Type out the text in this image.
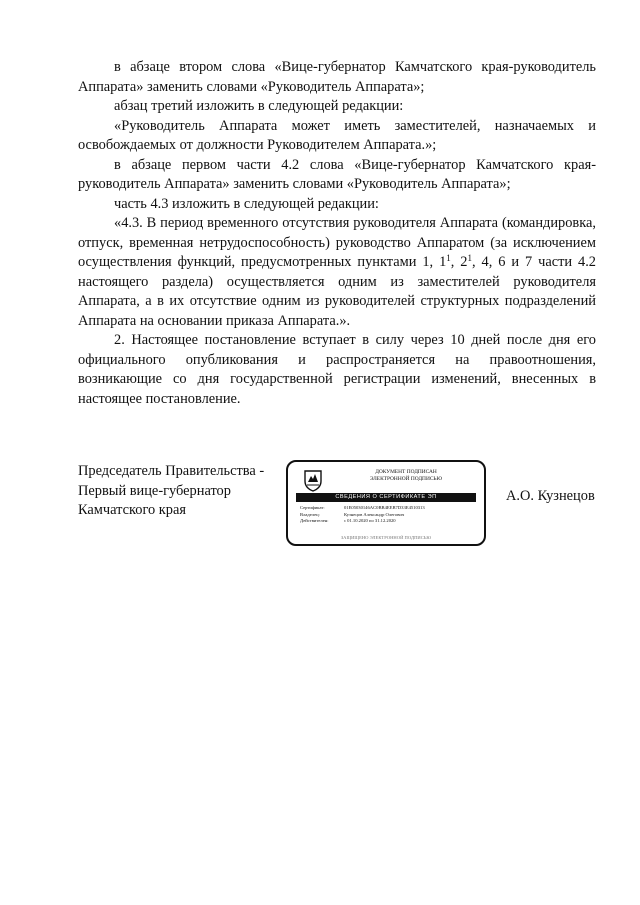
в абзаце втором слова «Вице-губернатор Камчатского края-руководитель Аппарата» заменить словами «Руководитель Аппарата»;

абзац третий изложить в следующей редакции:

«Руководитель Аппарата может иметь заместителей, назначаемых и освобождаемых от должности Руководителем Аппарата.»;

в абзаце первом части 4.2 слова «Вице-губернатор Камчатского края-руководитель Аппарата» заменить словами «Руководитель Аппарата»;

часть 4.3 изложить в следующей редакции:

«4.3. В период временного отсутствия руководителя Аппарата (командировка, отпуск, временная нетрудоспособность) руководство Аппаратом (за исключением осуществления функций, предусмотренных пунктами 1, $1^1$, $2^1$, 4, 6 и 7 части 4.2 настоящего раздела) осуществляется одним из заместителей руководителя Аппарата, а в их отсутствие одним из руководителей структурных подразделений Аппарата на основании приказа Аппарата.».

2. Настоящее постановление вступает в силу через 10 дней после дня его официального опубликования и распространяется на правоотношения, возникающие со дня государственной регистрации изменений, внесенных в настоящее постановление.

Председатель Правительства -
Первый вице-губернатор
Камчатского края
ДОКУМЕНТ ПОДПИСАН
ЭЛЕКТРОННОЙ ПОДПИСЬЮ
СВЕДЕНИЯ О СЕРТИФИКАТЕ ЭП
Сертификат:	01E05030146AC0BB4EEB7D33E4510313
Владелец:	Кузнецов Александр Олегович
Действителен:	с 01.10.2020 по 31.12.2020
ЗАЩИЩЕНО ЭЛЕКТРОННОЙ ПОДПИСЬЮ
А.О. Кузнецов
